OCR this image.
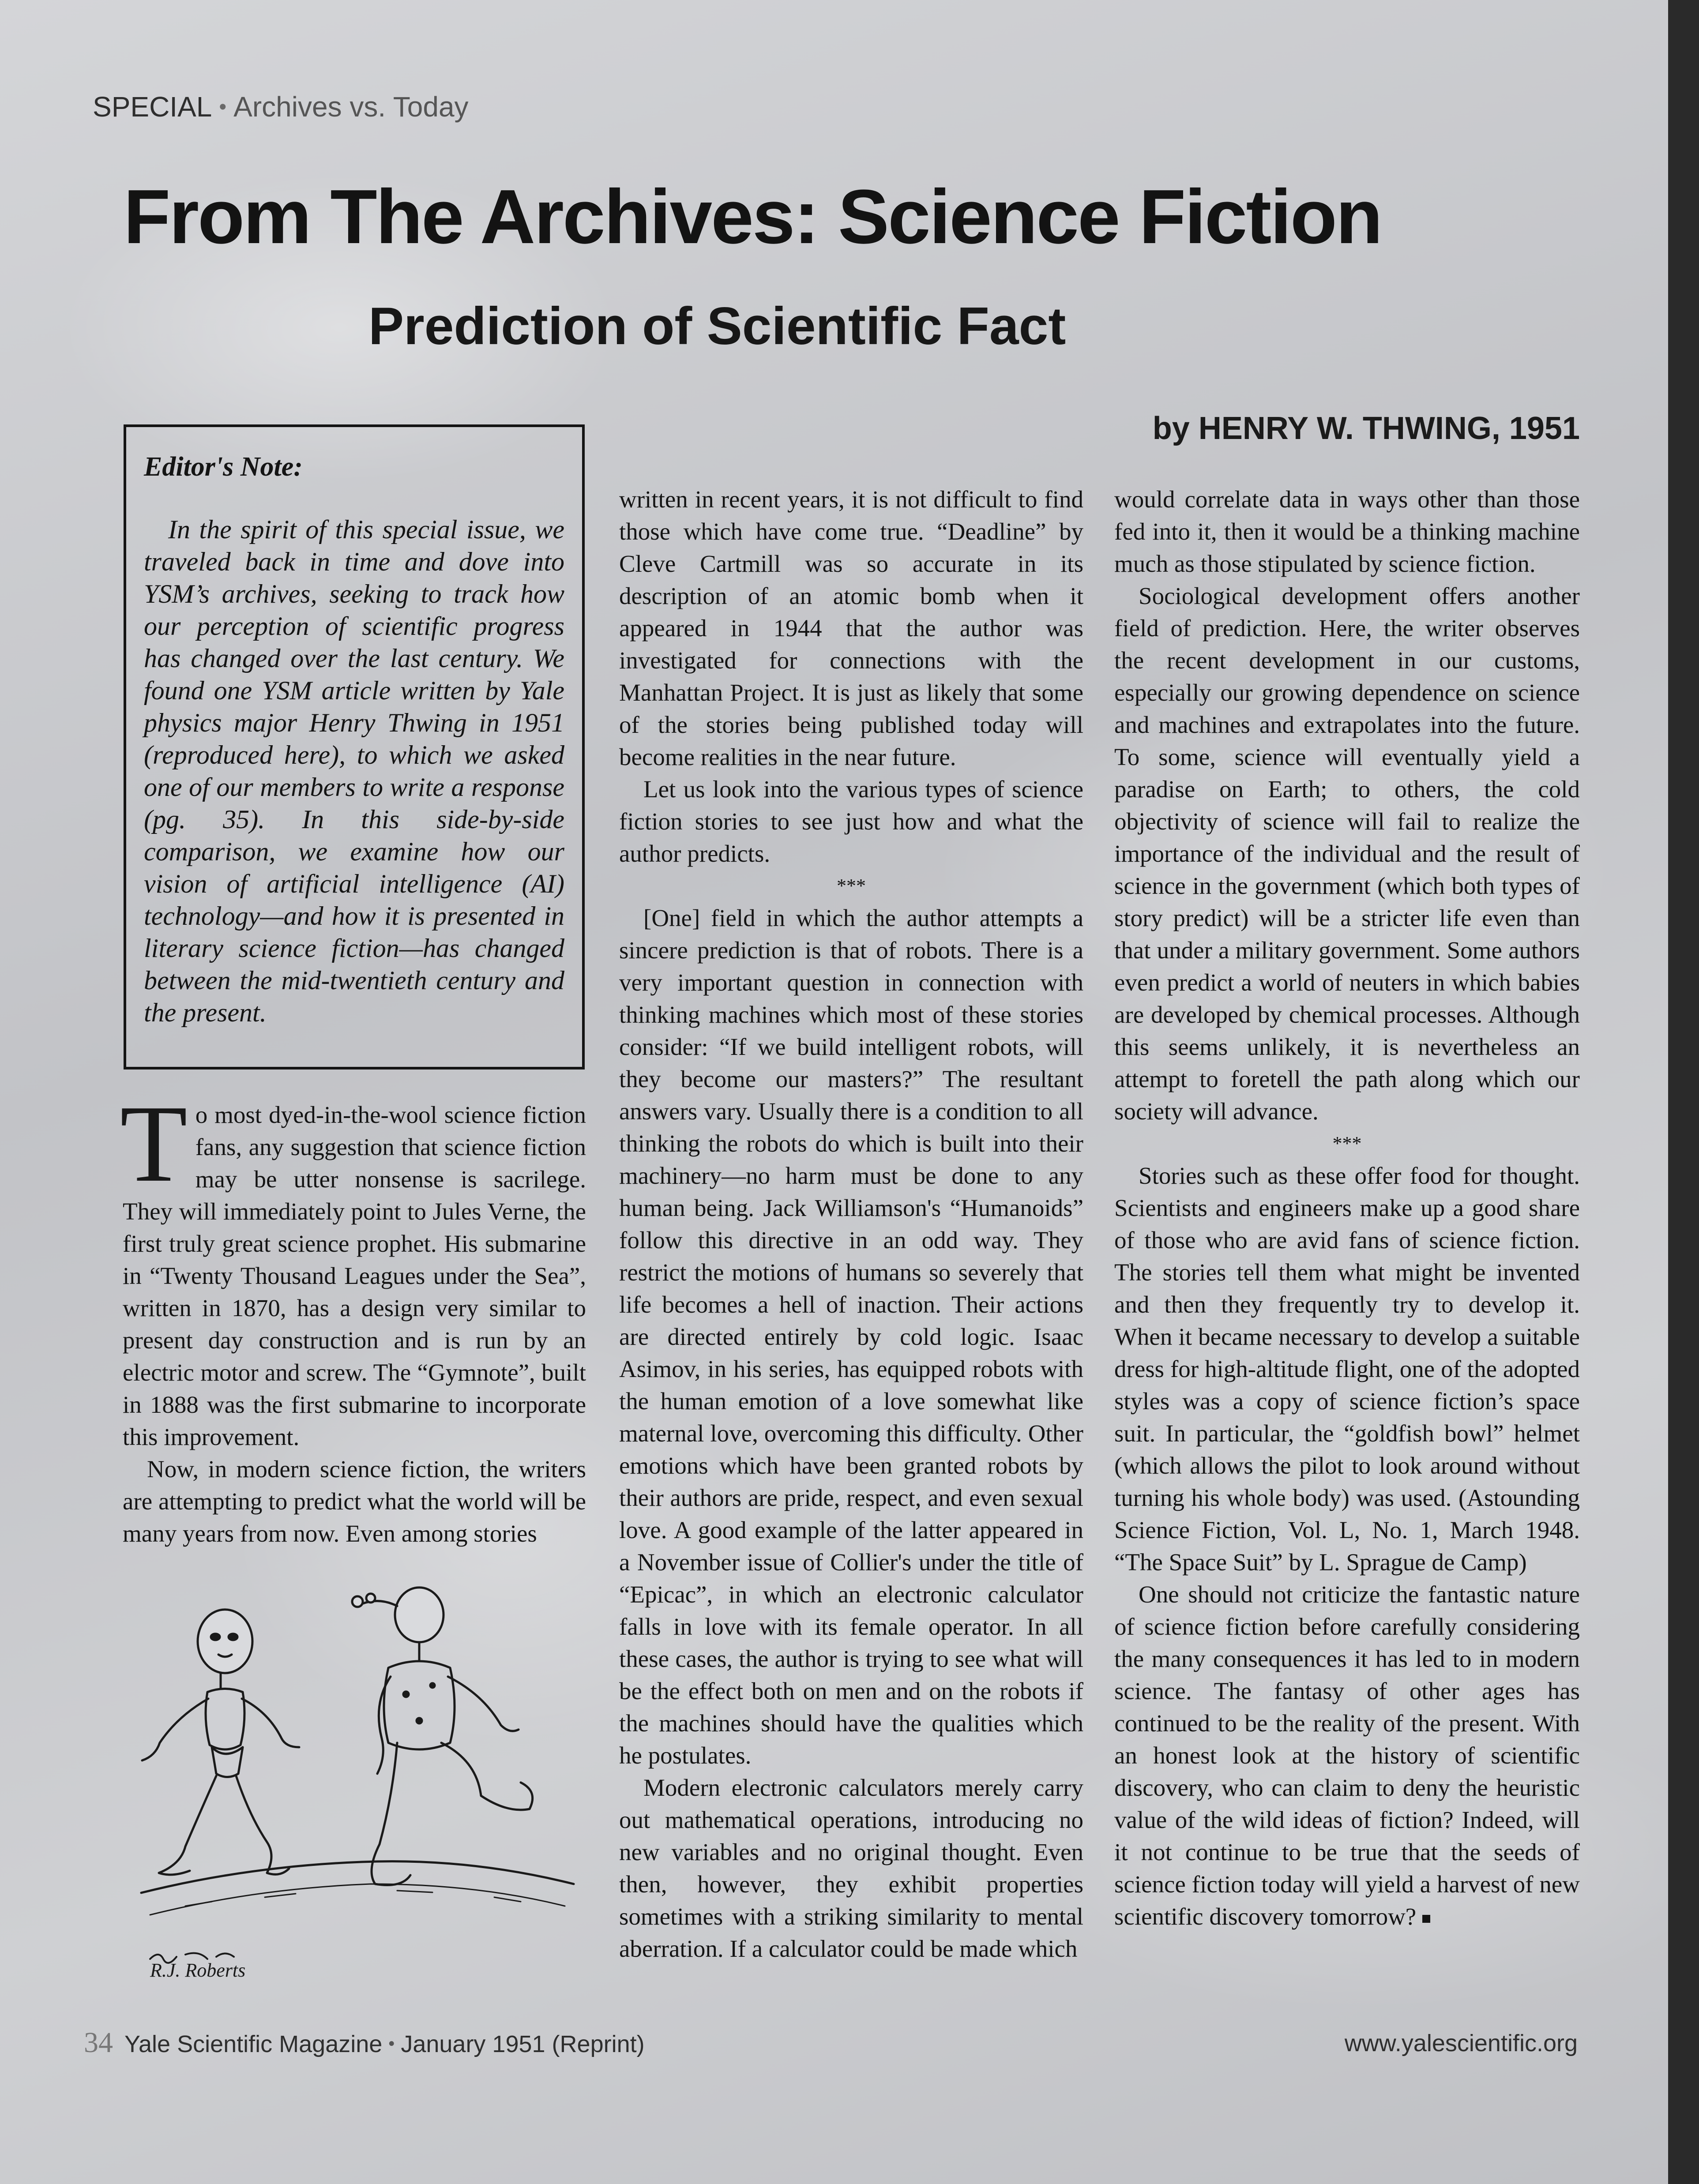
SPECIAL • Archives vs. Today
From The Archives: Science Fiction
Prediction of Scientific Fact
by HENRY W. THWING, 1951
Editor's Note:
In the spirit of this special issue, we traveled back in time and dove into YSM’s archives, seeking to track how our perception of scientific progress has changed over the last century. We found one YSM article written by Yale physics major Henry Thwing in 1951 (reproduced here), to which we asked one of our members to write a response (pg. 35). In this side-by-side comparison, we examine how our vision of artificial intelligence (AI) technology—and how it is presented in literary science fiction—has changed between the mid-twentieth century and the present.

To most dyed-in-the-wool science fiction fans, any suggestion that science fiction may be utter nonsense is sacrilege. They will immediately point to Jules Verne, the first truly great science prophet. His submarine in “Twenty Thousand Leagues under the Sea”, written in 1870, has a design very similar to present day construction and is run by an electric motor and screw. The “Gymnote”, built in 1888 was the first submarine to incorporate this improvement.

Now, in modern science fiction, the writers are attempting to predict what the world will be many years from now. Even among stories

written in recent years, it is not difficult to find those which have come true. “Deadline” by Cleve Cartmill was so accurate in its description of an atomic bomb when it appeared in 1944 that the author was investigated for connections with the Manhattan Project. It is just as likely that some of the stories being published today will become realities in the near future.

Let us look into the various types of science fiction stories to see just how and what the author predicts.

***

[One] field in which the author attempts a sincere prediction is that of robots. There is a very important question in connection with thinking machines which most of these stories consider: “If we build intelligent robots, will they become our masters?” The resultant answers vary. Usually there is a condition to all thinking the robots do which is built into their machinery—no harm must be done to any human being. Jack Williamson's “Humanoids” follow this directive in an odd way. They restrict the motions of humans so severely that life becomes a hell of inaction. Their actions are directed entirely by cold logic. Isaac Asimov, in his series, has equipped robots with the human emotion of a love somewhat like maternal love, overcoming this difficulty. Other emotions which have been granted robots by their authors are pride, respect, and even sexual love. A good example of the latter appeared in a November issue of Collier's under the title of “Epicac”, in which an electronic calculator falls in love with its female operator. In all these cases, the author is trying to see what will be the effect both on men and on the robots if the machines should have the qualities which he postulates.

Modern electronic calculators merely carry out mathematical operations, introducing no new variables and no original thought. Even then, however, they exhibit properties sometimes with a striking similarity to mental aberration. If a calculator could be made which

would correlate data in ways other than those fed into it, then it would be a thinking machine much as those stipulated by science fiction.

Sociological development offers another field of prediction. Here, the writer observes the recent development in our customs, especially our growing dependence on science and machines and extrapolates into the future. To some, science will eventually yield a paradise on Earth; to others, the cold objectivity of science will fail to realize the importance of the individual and the result of science in the government (which both types of story predict) will be a stricter life even than that under a military government. Some authors even predict a world of neuters in which babies are developed by chemical processes. Although this seems unlikely, it is nevertheless an attempt to foretell the path along which our society will advance.

***

Stories such as these offer food for thought. Scientists and engineers make up a good share of those who are avid fans of science fiction. The stories tell them what might be invented and then they frequently try to develop it. When it became necessary to develop a suitable dress for high-altitude flight, one of the adopted styles was a copy of science fiction’s space suit. In particular, the “goldfish bowl” helmet (which allows the pilot to look around without turning his whole body) was used. (Astounding Science Fiction, Vol. L, No. 1, March 1948. “The Space Suit” by L. Sprague de Camp)

One should not criticize the fantastic nature of science fiction before carefully considering the many consequences it has led to in modern science. The fantasy of other ages has continued to be the reality of the present. With an honest look at the history of scientific discovery, who can claim to deny the heuristic value of the wild ideas of fiction? Indeed, will it not continue to be true that the seeds of science fiction today will yield a harvest of new scientific discovery tomorrow?

R.J. Roberts
34 Yale Scientific Magazine • January 1951 (Reprint)	www.yalescientific.org
